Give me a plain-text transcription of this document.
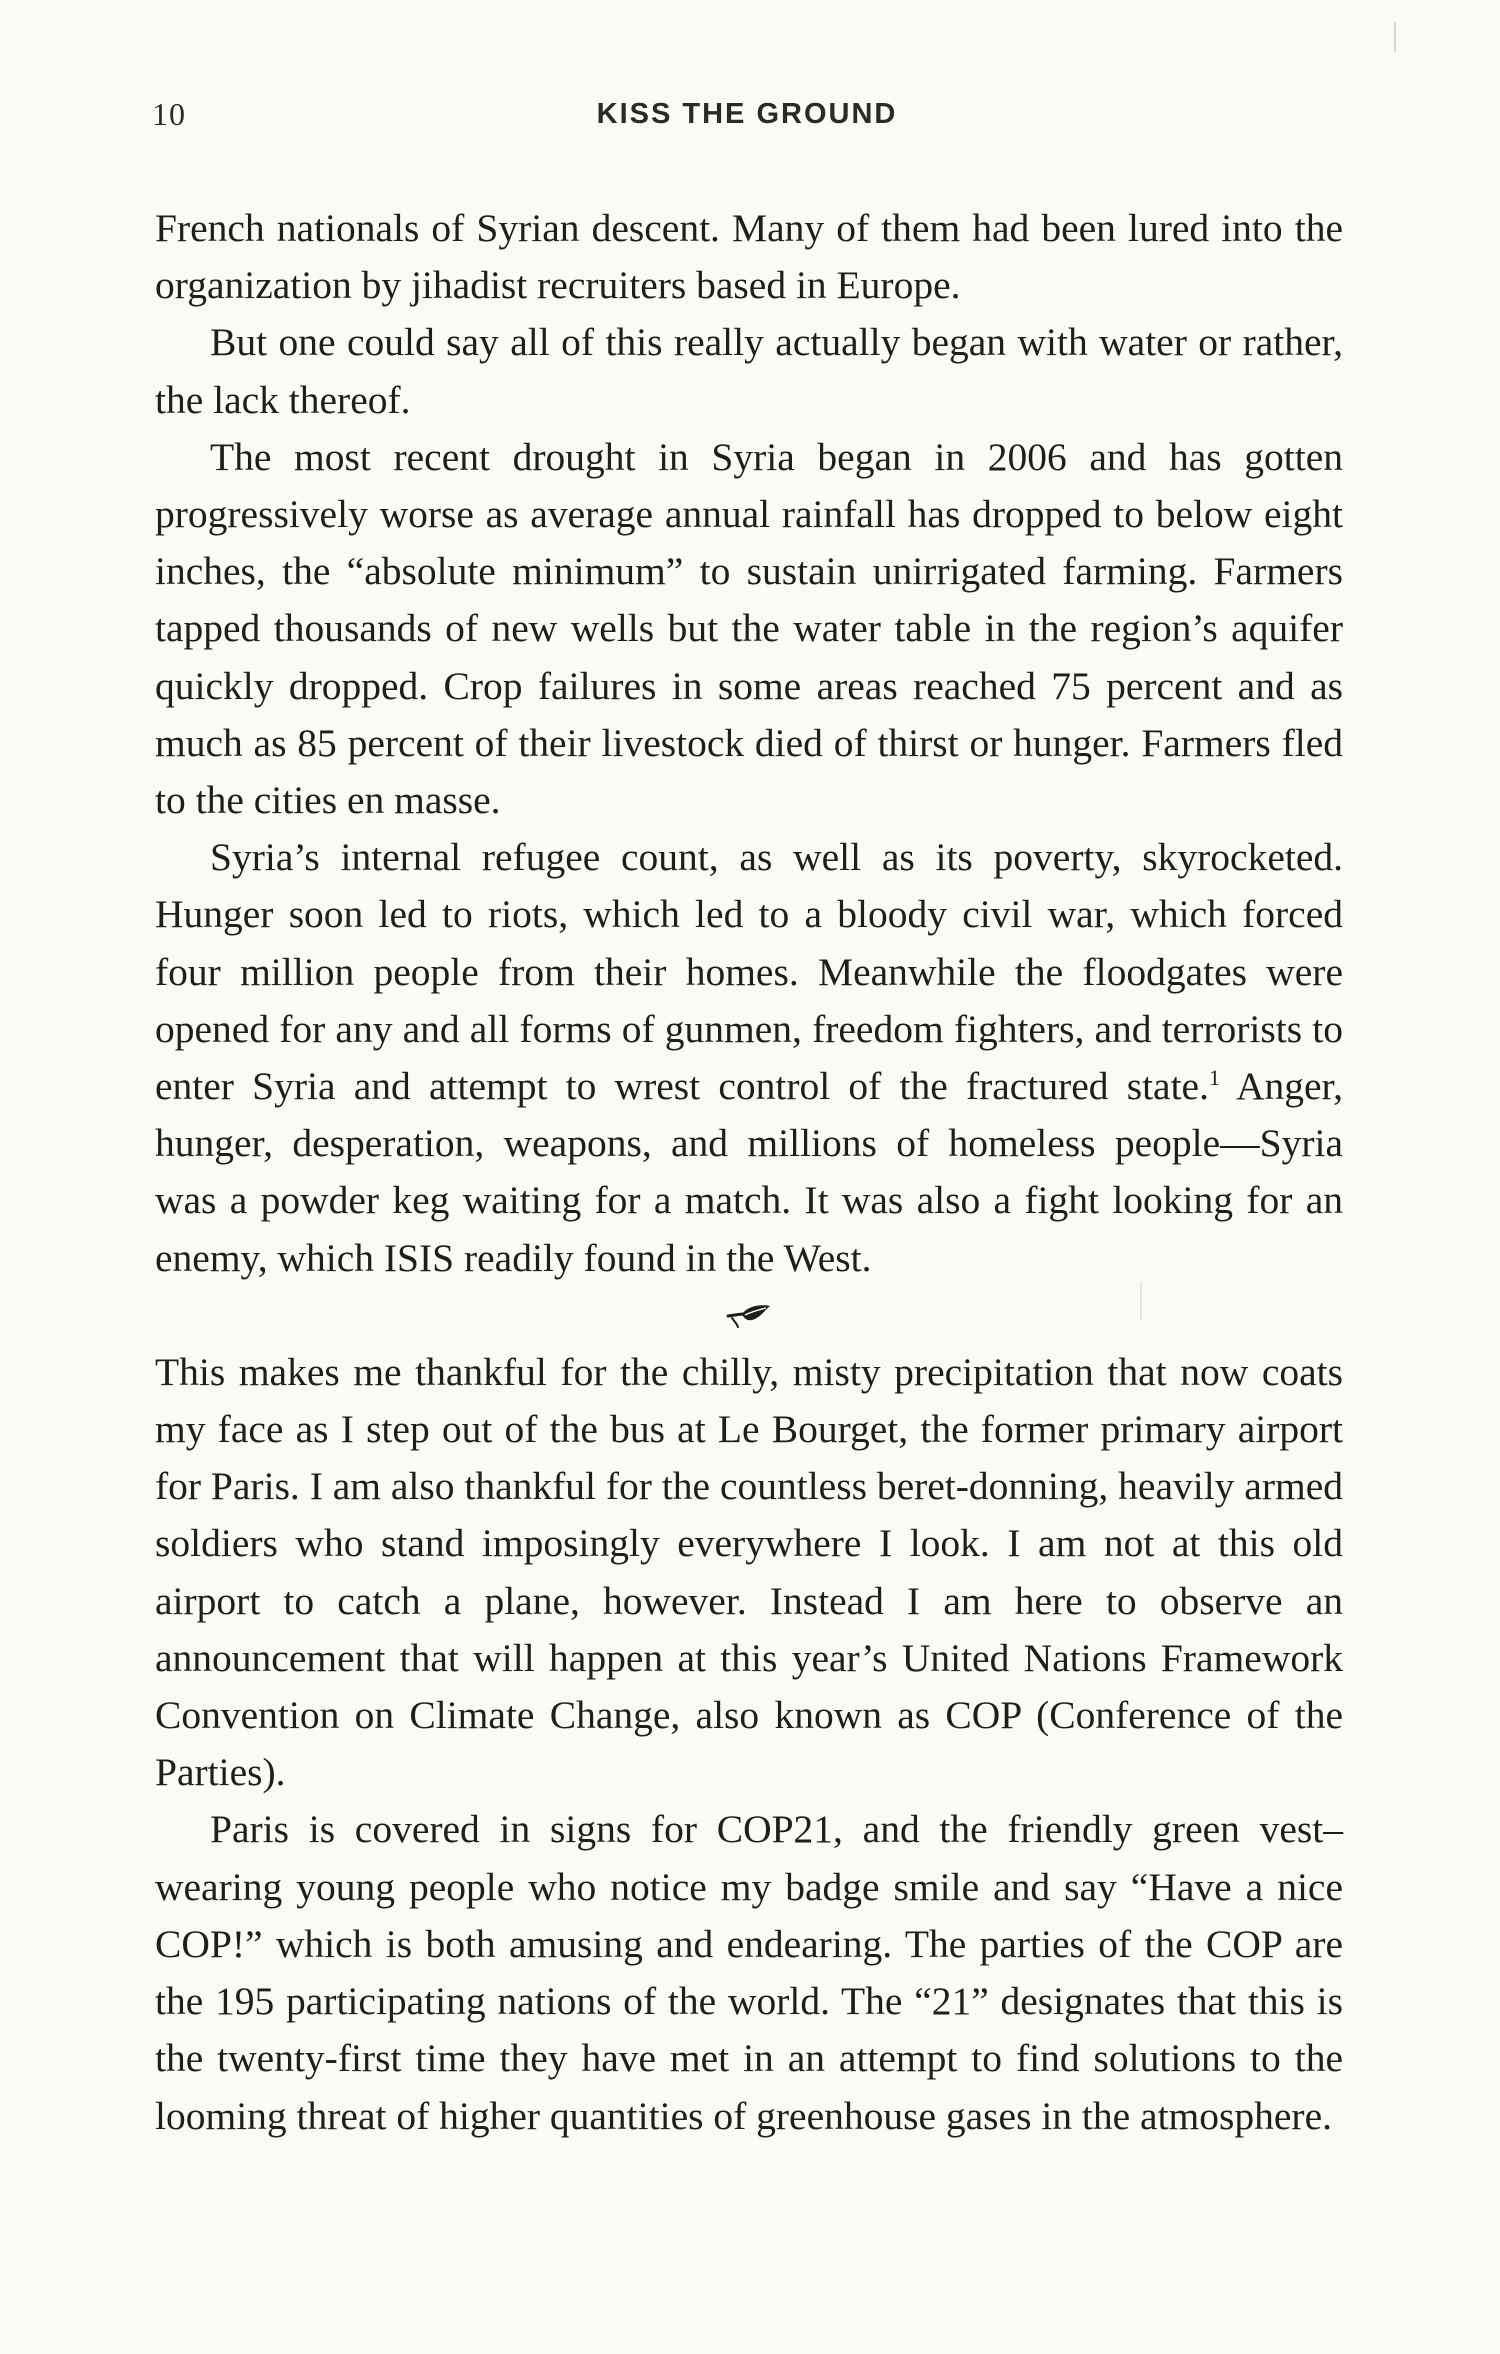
10	KISS THE GROUND

French nationals of Syrian descent. Many of them had been lured into the organization by jihadist recruiters based in Europe.

But one could say all of this really actually began with water or rather, the lack thereof.

The most recent drought in Syria began in 2006 and has gotten progressively worse as average annual rainfall has dropped to below eight inches, the “absolute minimum” to sustain unirrigated farming. Farmers tapped thousands of new wells but the water table in the region’s aquifer quickly dropped. Crop failures in some areas reached 75 percent and as much as 85 percent of their livestock died of thirst or hunger. Farmers fled to the cities en masse.

Syria’s internal refugee count, as well as its poverty, skyrocketed. Hunger soon led to riots, which led to a bloody civil war, which forced four million people from their homes. Meanwhile the floodgates were opened for any and all forms of gunmen, freedom fighters, and terrorists to enter Syria and attempt to wrest control of the fractured state.$^1$ Anger, hunger, desperation, weapons, and millions of homeless people—Syria was a powder keg waiting for a match. It was also a fight looking for an enemy, which ISIS readily found in the West.

This makes me thankful for the chilly, misty precipitation that now coats my face as I step out of the bus at Le Bourget, the former primary airport for Paris. I am also thankful for the countless beret-donning, heavily armed soldiers who stand imposingly everywhere I look. I am not at this old airport to catch a plane, however. Instead I am here to observe an announcement that will happen at this year’s United Nations Framework Convention on Climate Change, also known as COP (Conference of the Parties).

Paris is covered in signs for COP21, and the friendly green vest–wearing young people who notice my badge smile and say “Have a nice COP!” which is both amusing and endearing. The parties of the COP are the 195 participating nations of the world. The “21” designates that this is the twenty-first time they have met in an attempt to find solutions to the looming threat of higher quantities of greenhouse gases in the atmosphere.
